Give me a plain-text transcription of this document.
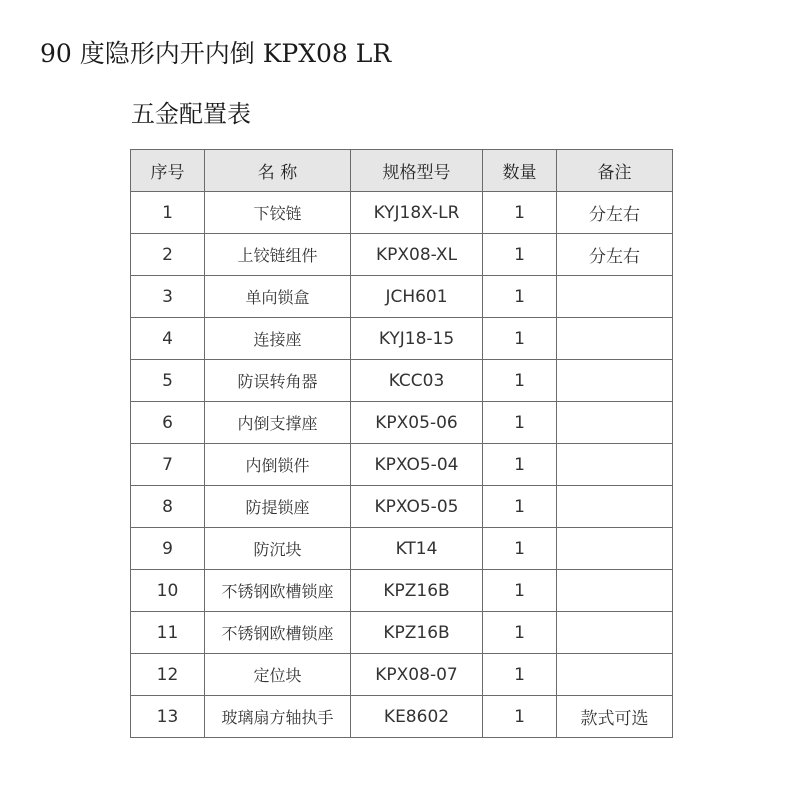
90 度隐形内开内倒 KPX08 LR
五金配置表
序号	名 称	规格型号	数量	备注
1	下铰链	KYJ18X-LR	1	分左右
2	上铰链组件	KPX08-XL	1	分左右
3	单向锁盒	JCH601	1	
4	连接座	KYJ18-15	1	
5	防误转角器	KCC03	1	
6	内倒支撑座	KPX05-06	1	
7	内倒锁件	KPXO5-04	1	
8	防提锁座	KPXO5-05	1	
9	防沉块	KT14	1	
10	不锈钢欧槽锁座	KPZ16B	1	
11	不锈钢欧槽锁座	KPZ16B	1	
12	定位块	KPX08-07	1	
13	玻璃扇方轴执手	KE8602	1	款式可选
